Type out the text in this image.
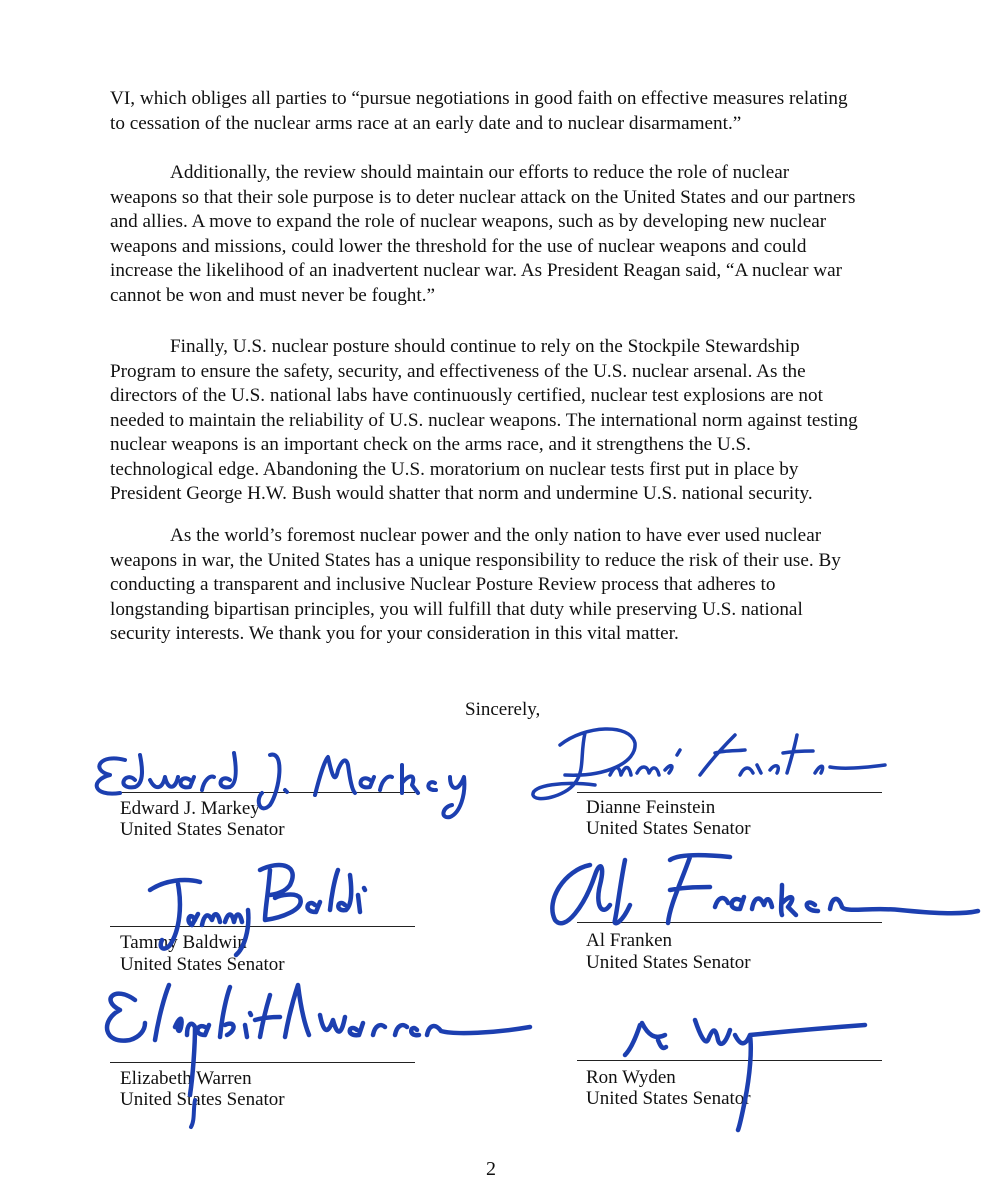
VI, which obliges all parties to “pursue negotiations in good faith on effective measures relating
to cessation of the nuclear arms race at an early date and to nuclear disarmament.”
Additionally, the review should maintain our efforts to reduce the role of nuclear
weapons so that their sole purpose is to deter nuclear attack on the United States and our partners
and allies. A move to expand the role of nuclear weapons, such as by developing new nuclear
weapons and missions, could lower the threshold for the use of nuclear weapons and could
increase the likelihood of an inadvertent nuclear war. As President Reagan said, “A nuclear war
cannot be won and must never be fought.”
Finally, U.S. nuclear posture should continue to rely on the Stockpile Stewardship
Program to ensure the safety, security, and effectiveness of the U.S. nuclear arsenal. As the
directors of the U.S. national labs have continuously certified, nuclear test explosions are not
needed to maintain the reliability of U.S. nuclear weapons. The international norm against testing
nuclear weapons is an important check on the arms race, and it strengthens the U.S.
technological edge. Abandoning the U.S. moratorium on nuclear tests first put in place by
President George H.W. Bush would shatter that norm and undermine U.S. national security.
As the world’s foremost nuclear power and the only nation to have ever used nuclear
weapons in war, the United States has a unique responsibility to reduce the risk of their use. By
conducting a transparent and inclusive Nuclear Posture Review process that adheres to
longstanding bipartisan principles, you will fulfill that duty while preserving U.S. national
security interests. We thank you for your consideration in this vital matter.
Sincerely,
Edward J. Markey
United States Senator
Dianne Feinstein
United States Senator
Tammy Baldwin
United States Senator
Al Franken
United States Senator
Elizabeth Warren
United States Senator
Ron Wyden
United States Senator
2
